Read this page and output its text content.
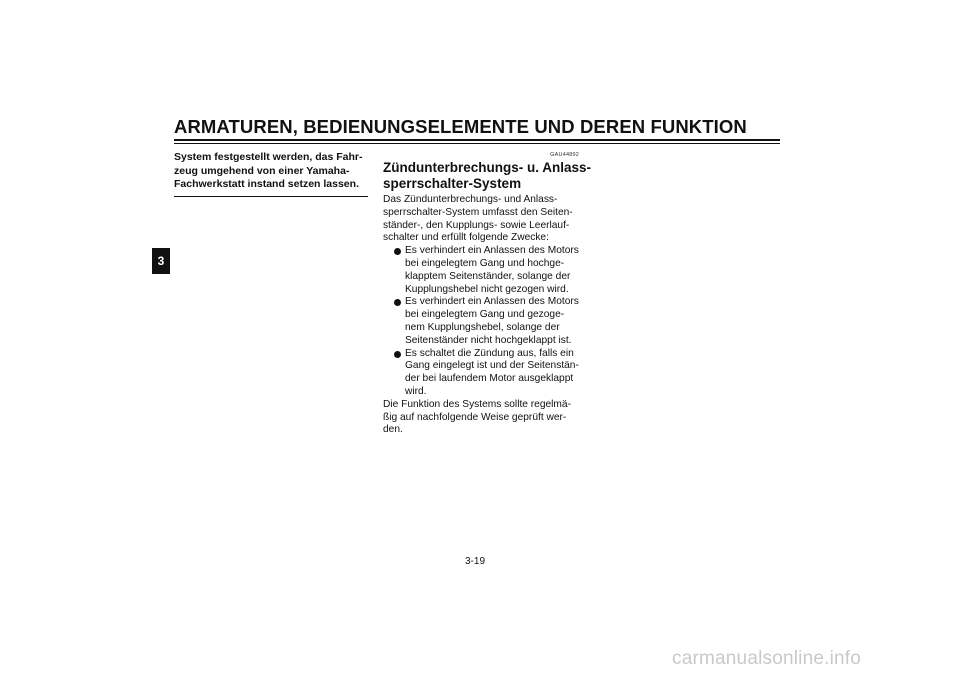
ARMATUREN, BEDIENUNGSELEMENTE UND DEREN FUNKTION
3

System festgestellt werden, das Fahr-
zeug umgehend von einer Yamaha-
Fachwerkstatt instand setzen lassen.

GAU44892

Zündunterbrechungs- u. Anlass-
sperrschalter-System

Das Zündunterbrechungs- und Anlass-
sperrschalter-System umfasst den Seiten-
ständer-, den Kupplungs- sowie Leerlauf-
schalter und erfüllt folgende Zwecke:

Es verhindert ein Anlassen des Motors
bei eingelegtem Gang und hochge-
klapptem Seitenständer, solange der
Kupplungshebel nicht gezogen wird.
Es verhindert ein Anlassen des Motors
bei eingelegtem Gang und gezoge-
nem Kupplungshebel, solange der
Seitenständer nicht hochgeklappt ist.
Es schaltet die Zündung aus, falls ein
Gang eingelegt ist und der Seitenstän-
der bei laufendem Motor ausgeklappt
wird.

Die Funktion des Systems sollte regelmä-
ßig auf nachfolgende Weise geprüft wer-
den.

3-19
carmanualsonline.info
